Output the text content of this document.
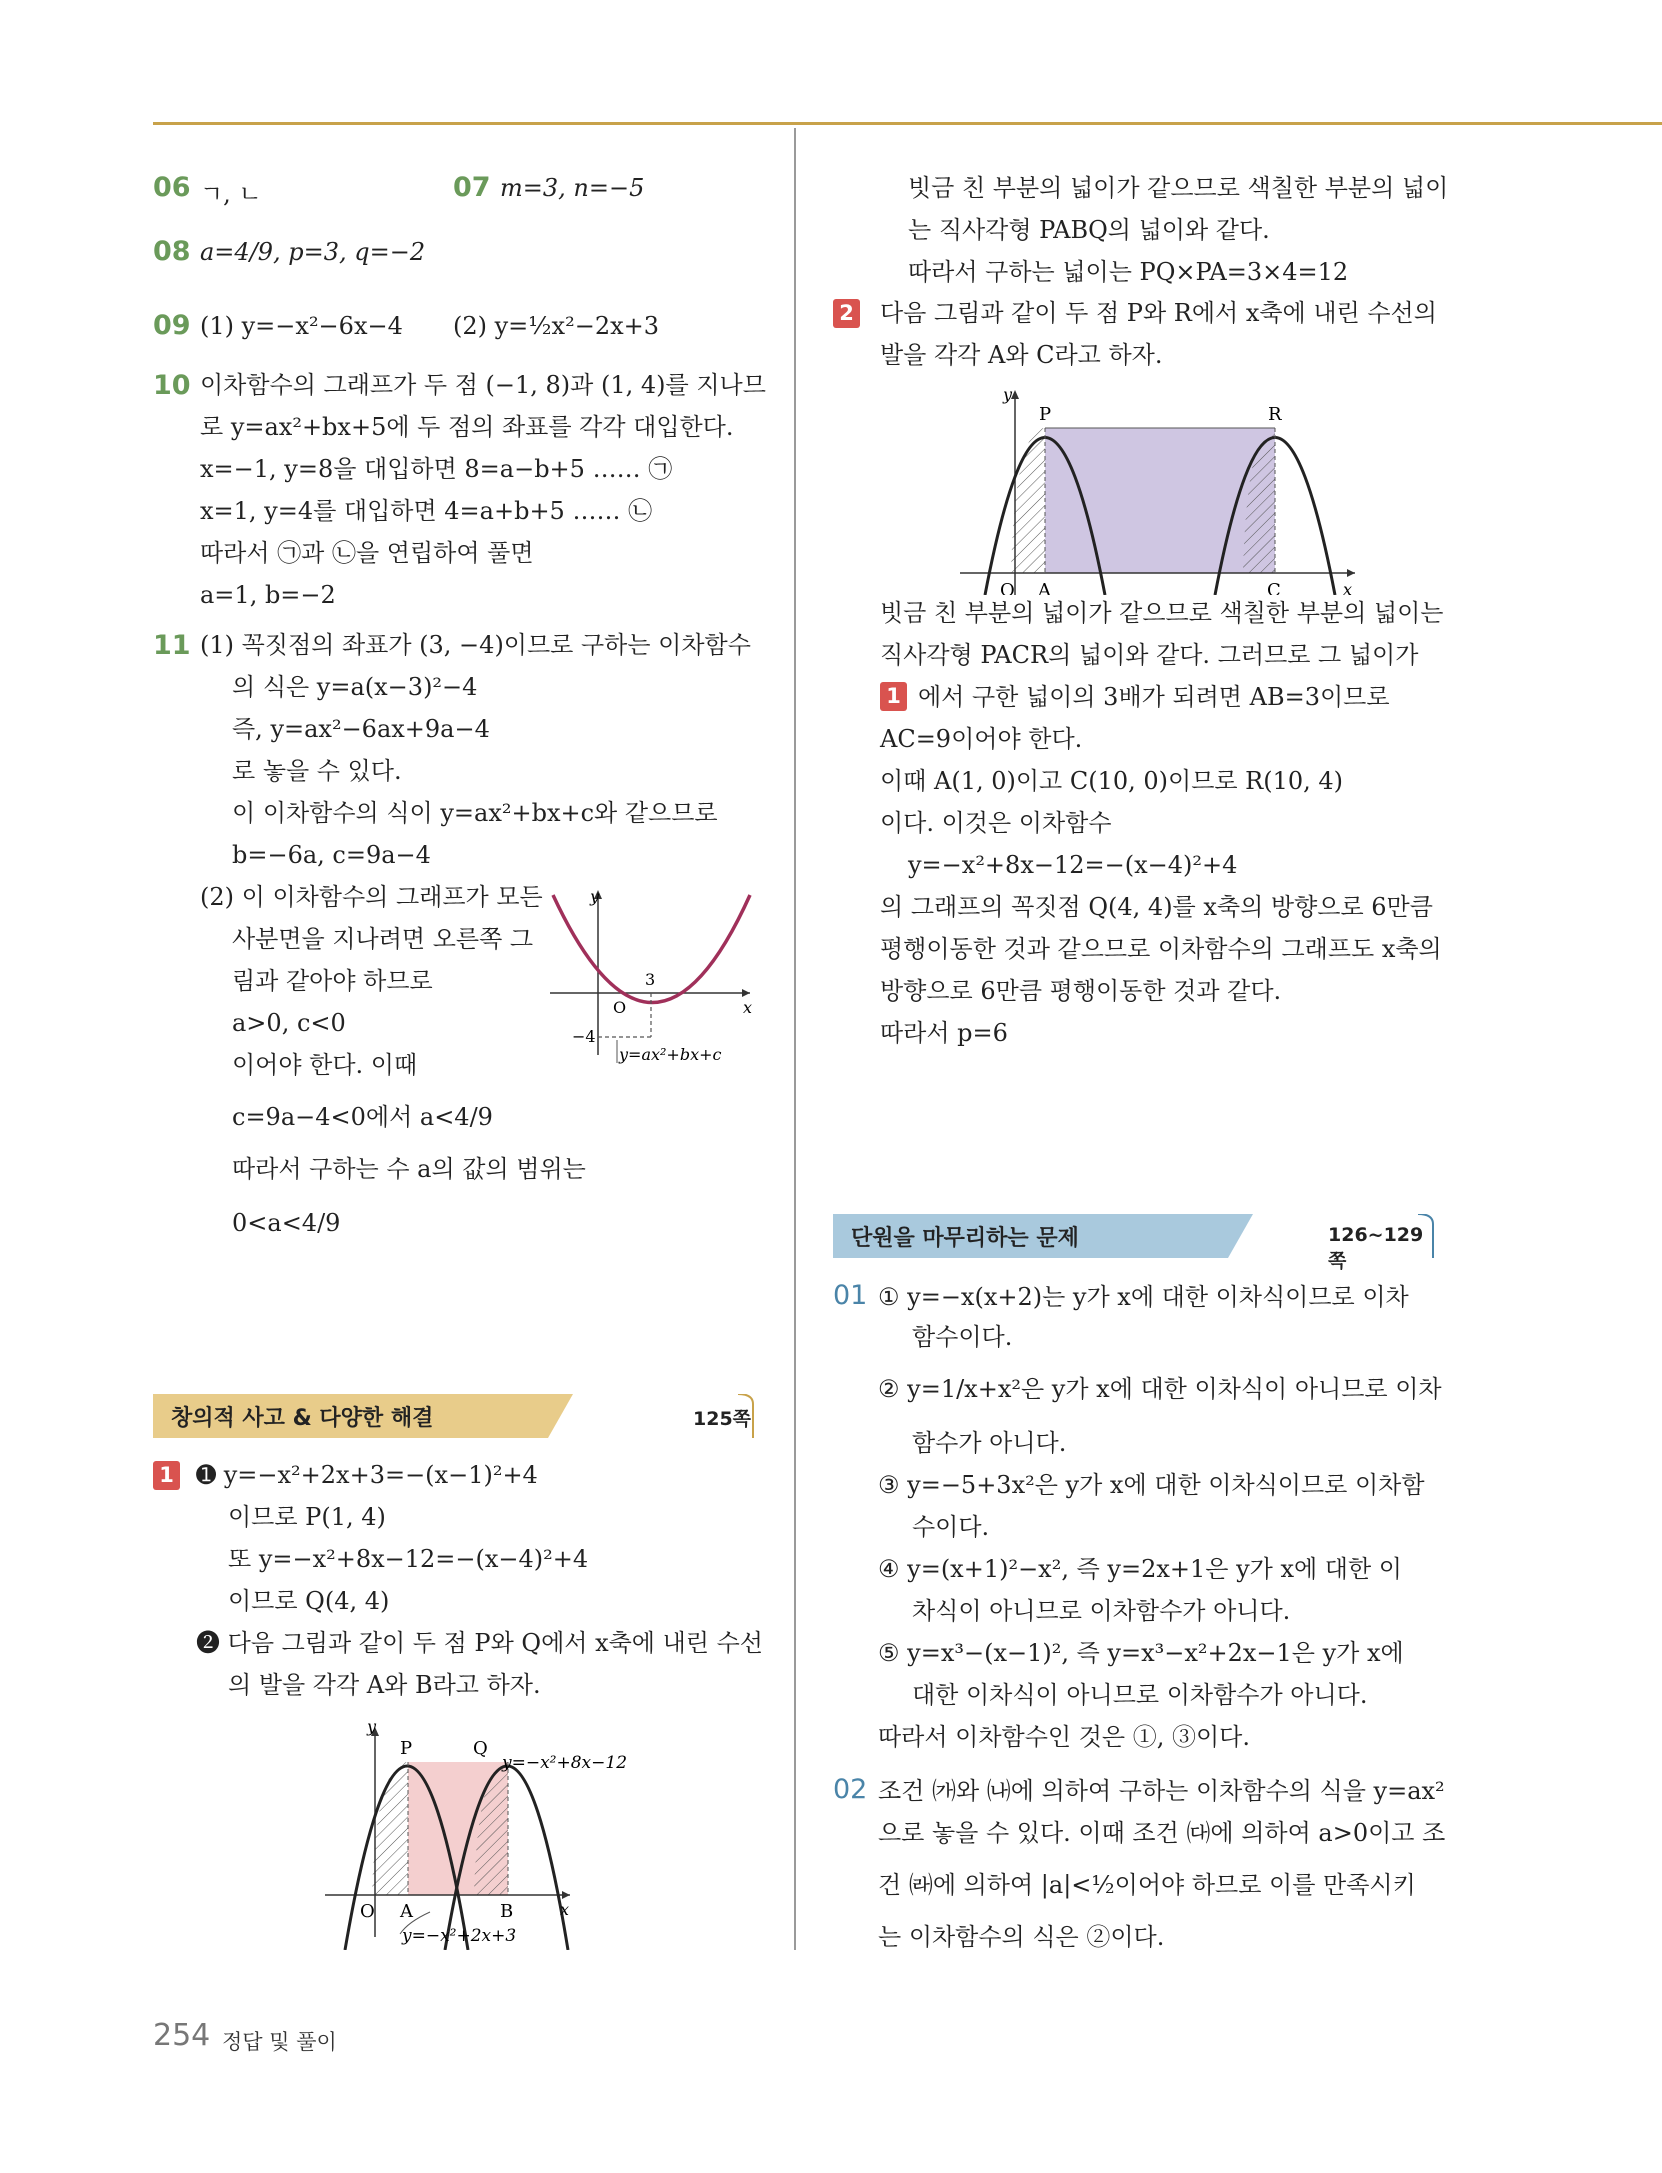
06 ㄱ, ㄴ	07 m=3, n=−5
08 a=4/9, p=3, q=−2
09 (1) y=−x²−6x−4 (2) y=½x²−2x+3
10 이차함수의 그래프가 두 점 (−1, 8)과 (1, 4)를 지나므
로 y=ax²+bx+5에 두 점의 좌표를 각각 대입한다.
x=−1, y=8을 대입하면 8=a−b+5 …… ㉠
x=1, y=4를 대입하면 4=a+b+5 …… ㉡
따라서 ㉠과 ㉡을 연립하여 풀면
a=1, b=−2
11 (1) 꼭짓점의 좌표가 (3, −4)이므로 구하는 이차함수
의 식은 y=a(x−3)²−4
즉, y=ax²−6ax+9a−4
로 놓을 수 있다.
이 이차함수의 식이 y=ax²+bx+c와 같으므로
b=−6a, c=9a−4
(2) 이 이차함수의 그래프가 모든
사분면을 지나려면 오른쪽 그
림과 같아야 하므로
a>0, c<0
이어야 한다. 이때
c=9a−4<0에서 a<4/9
따라서 구하는 수 a의 값의 범위는
0<a<4/9
y
x
O
3
−4
y=ax²+bx+c
창의적 사고 & 다양한 해결	125쪽
1 ➊ y=−x²+2x+3=−(x−1)²+4
이므로 P(1, 4)
또 y=−x²+8x−12=−(x−4)²+4
이므로 Q(4, 4)
➋ 다음 그림과 같이 두 점 P와 Q에서 x축에 내린 수선
의 발을 각각 A와 B라고 하자.
y
x
O A	B
P	Q
y=−x²+8x−12
y=−x²+2x+3
빗금 친 부분의 넓이가 같으므로 색칠한 부분의 넓이
는 직사각형 PABQ의 넓이와 같다.
따라서 구하는 넓이는 PQ×PA=3×4=12
2 다음 그림과 같이 두 점 P와 R에서 x축에 내린 수선의
발을 각각 A와 C라고 하자.
y
x
O A	C
P	R
빗금 친 부분의 넓이가 같으므로 색칠한 부분의 넓이는
직사각형 PACR의 넓이와 같다. 그러므로 그 넓이가
1 에서 구한 넓이의 3배가 되려면 AB=3이므로
AC=9이어야 한다.
이때 A(1, 0)이고 C(10, 0)이므로 R(10, 4)
이다. 이것은 이차함수
y=−x²+8x−12=−(x−4)²+4
의 그래프의 꼭짓점 Q(4, 4)를 x축의 방향으로 6만큼
평행이동한 것과 같으므로 이차함수의 그래프도 x축의
방향으로 6만큼 평행이동한 것과 같다.
따라서 p=6
단원을 마무리하는 문제	126~129쪽
01 ① y=−x(x+2)는 y가 x에 대한 이차식이므로 이차
함수이다.
② y=1/x+x²은 y가 x에 대한 이차식이 아니므로 이차
함수가 아니다.
③ y=−5+3x²은 y가 x에 대한 이차식이므로 이차함
수이다.
④ y=(x+1)²−x², 즉 y=2x+1은 y가 x에 대한 이
차식이 아니므로 이차함수가 아니다.
⑤ y=x³−(x−1)², 즉 y=x³−x²+2x−1은 y가 x에
대한 이차식이 아니므로 이차함수가 아니다.
따라서 이차함수인 것은 ①, ③이다.
02 조건 ㈎와 ㈏에 의하여 구하는 이차함수의 식을 y=ax²
으로 놓을 수 있다. 이때 조건 ㈐에 의하여 a>0이고 조
건 ㈑에 의하여 |a|<½이어야 하므로 이를 만족시키
는 이차함수의 식은 ②이다.
254 정답 및 풀이
